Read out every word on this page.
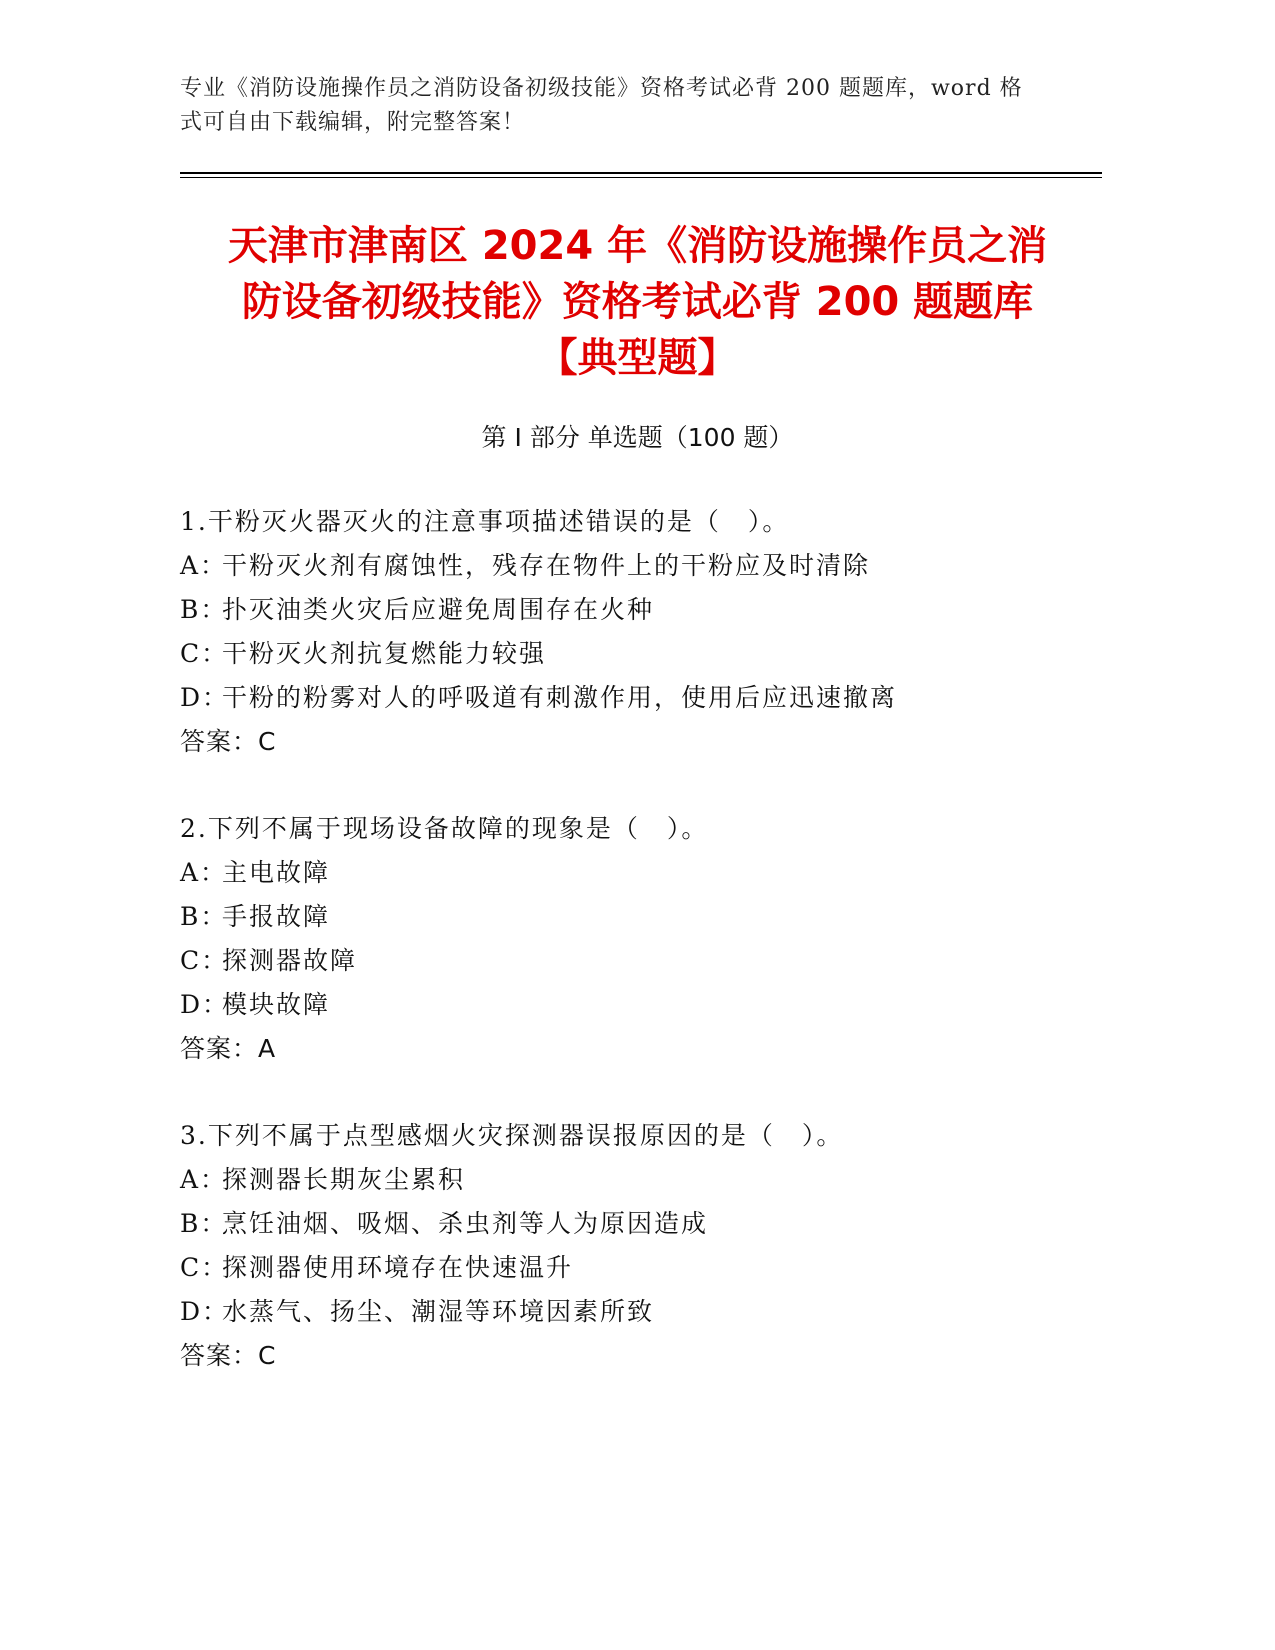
专业《消防设施操作员之消防设备初级技能》资格考试必背 200 题题库，word 格
式可自由下载编辑，附完整答案！
天津市津南区 2024 年《消防设施操作员之消
防设备初级技能》资格考试必背 200 题题库
【典型题】
第 I 部分 单选题（100 题）
1.干粉灭火器灭火的注意事项描述错误的是（　）。
A：干粉灭火剂有腐蚀性，残存在物件上的干粉应及时清除
B：扑灭油类火灾后应避免周围存在火种
C：干粉灭火剂抗复燃能力较强
D：干粉的粉雾对人的呼吸道有刺激作用，使用后应迅速撤离
答案：C
2.下列不属于现场设备故障的现象是（　）。
A：主电故障
B：手报故障
C：探测器故障
D：模块故障
答案：A
3.下列不属于点型感烟火灾探测器误报原因的是（　）。
A：探测器长期灰尘累积
B：烹饪油烟、吸烟、杀虫剂等人为原因造成
C：探测器使用环境存在快速温升
D：水蒸气、扬尘、潮湿等环境因素所致
答案：C
